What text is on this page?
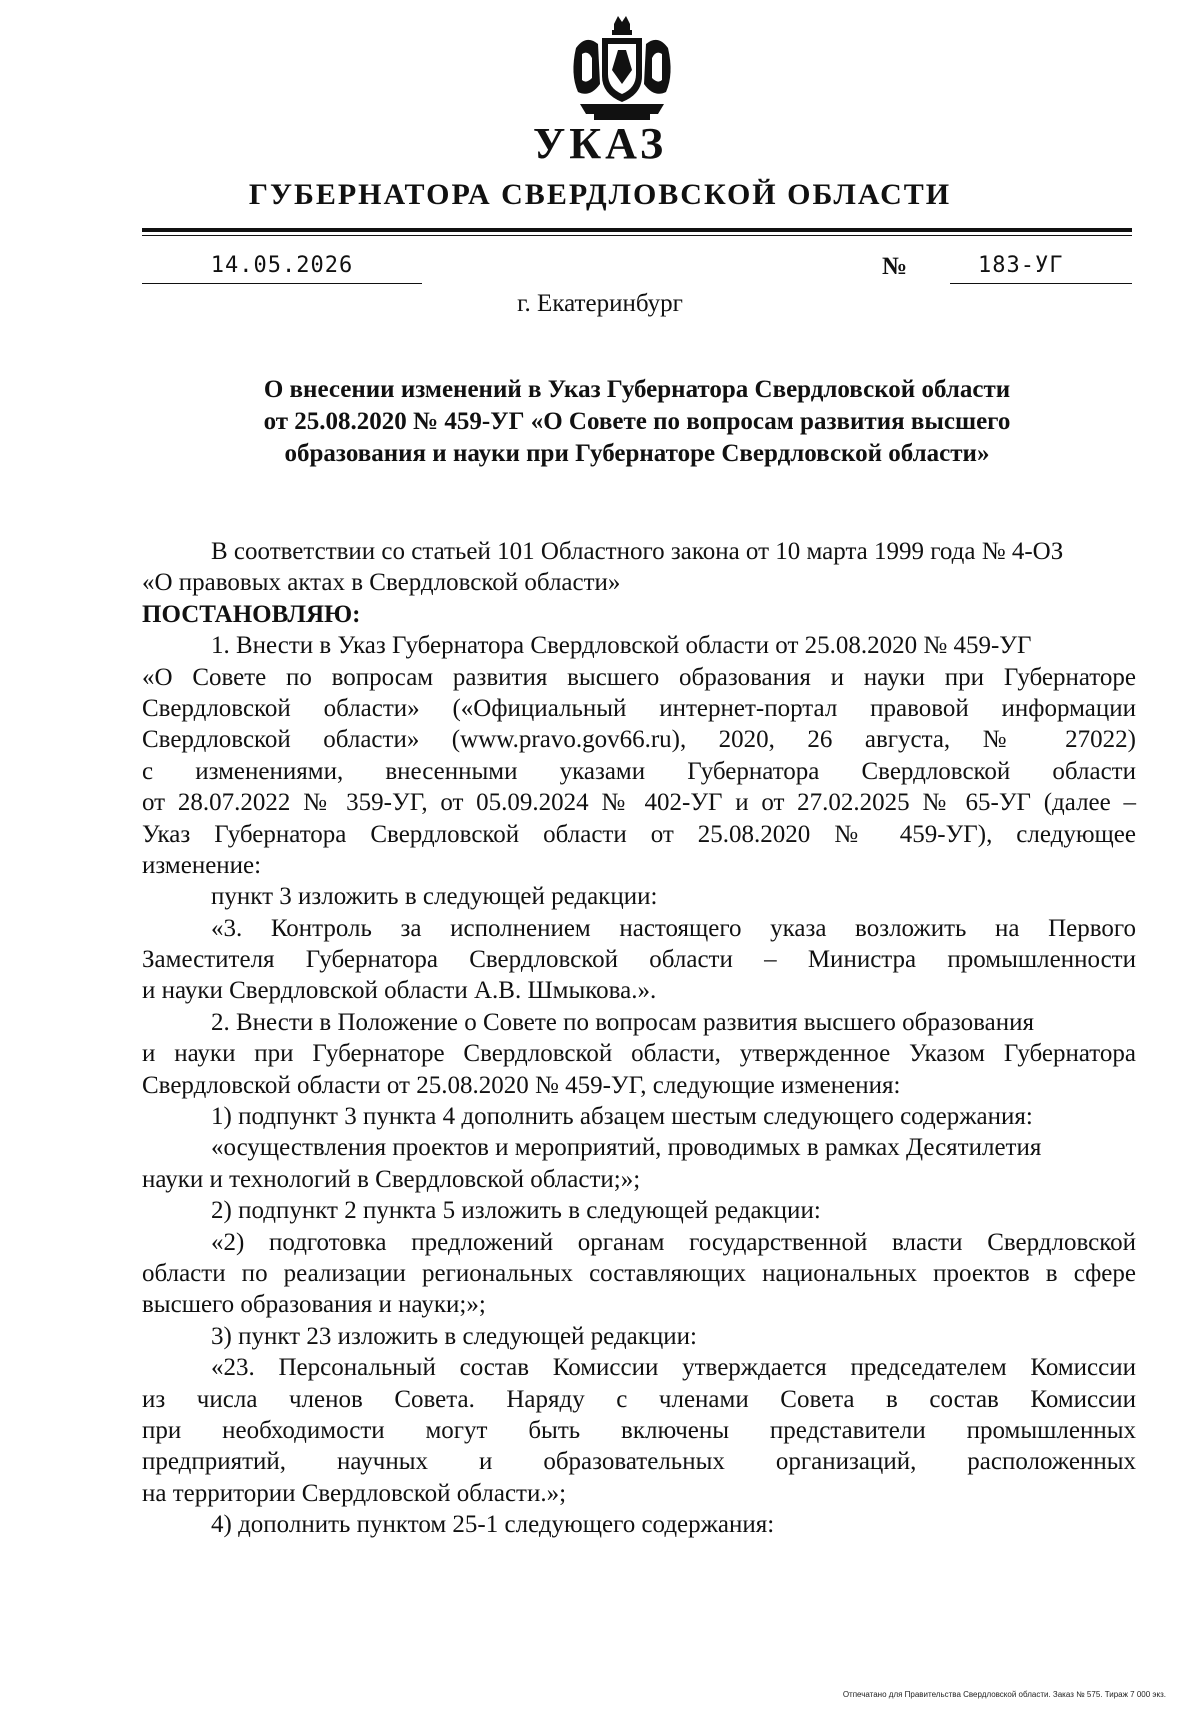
УКАЗ
ГУБЕРНАТОРА СВЕРДЛОВСКОЙ ОБЛАСТИ
14.05.2026	№	183-УГ
г. Екатеринбург
О внесении изменений в Указ Губернатора Свердловской области
от 25.08.2020 № 459-УГ «О Совете по вопросам развития высшего
образования и науки при Губернаторе Свердловской области»
В соответствии со статьей 101 Областного закона от 10 марта 1999 года № 4-ОЗ
«О правовых актах в Свердловской области»
ПОСТАНОВЛЯЮ:
1. Внести в Указ Губернатора Свердловской области от 25.08.2020 № 459-УГ
«О Совете по вопросам развития высшего образования и науки при Губернаторе
Свердловской области» («Официальный интернет-портал правовой информации
Свердловской области» (www.pravo.gov66.ru), 2020, 26 августа, № 27022)
с изменениями, внесенными указами Губернатора Свердловской области
от 28.07.2022 № 359-УГ, от 05.09.2024 № 402-УГ и от 27.02.2025 № 65-УГ (далее –
Указ Губернатора Свердловской области от 25.08.2020 № 459-УГ), следующее
изменение:
пункт 3 изложить в следующей редакции:
«3. Контроль за исполнением настоящего указа возложить на Первого
Заместителя Губернатора Свердловской области – Министра промышленности
и науки Свердловской области А.В. Шмыкова.».
2. Внести в Положение о Совете по вопросам развития высшего образования
и науки при Губернаторе Свердловской области, утвержденное Указом Губернатора
Свердловской области от 25.08.2020 № 459-УГ, следующие изменения:
1) подпункт 3 пункта 4 дополнить абзацем шестым следующего содержания:
«осуществления проектов и мероприятий, проводимых в рамках Десятилетия
науки и технологий в Свердловской области;»;
2) подпункт 2 пункта 5 изложить в следующей редакции:
«2) подготовка предложений органам государственной власти Свердловской
области по реализации региональных составляющих национальных проектов в сфере
высшего образования и науки;»;
3) пункт 23 изложить в следующей редакции:
«23. Персональный состав Комиссии утверждается председателем Комиссии
из числа членов Совета. Наряду с членами Совета в состав Комиссии
при необходимости могут быть включены представители промышленных
предприятий, научных и образовательных организаций, расположенных
на территории Свердловской области.»;
4) дополнить пунктом 25-1 следующего содержания:
Отпечатано для Правительства Свердловской области. Заказ № 575. Тираж 7 000 экз.
